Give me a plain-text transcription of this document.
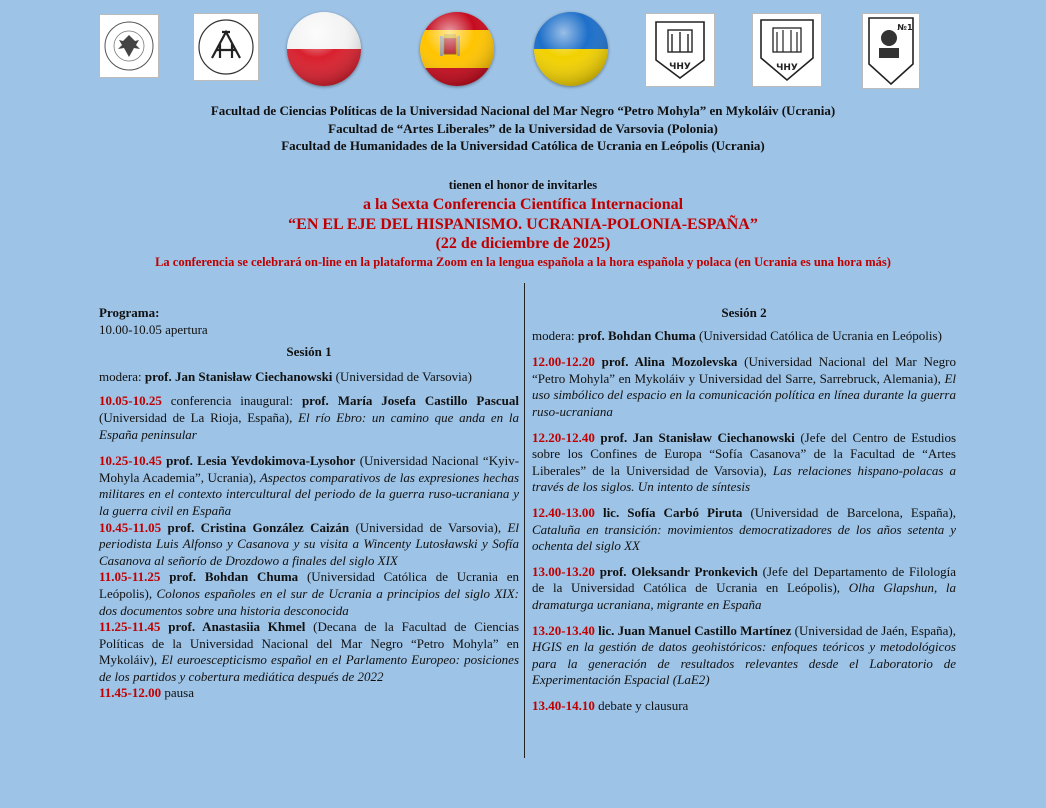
ЧНУ	ЧНУ
№1
Facultad de Ciencias Políticas de la Universidad Nacional del Mar Negro “Petro Mohyla” en Mykoláiv (Ucrania)
Facultad de “Artes Liberales” de la Universidad de Varsovia (Polonia)
Facultad de Humanidades de la Universidad Católica de Ucrania en Leópolis (Ucrania)
tienen el honor de invitarles
a la Sexta Conferencia Científica Internacional
“EN EL EJE DEL HISPANISMO. UCRANIA-POLONIA-ESPAÑA”
(22 de diciembre de 2025)
La conferencia se celebrará on-line en la plataforma Zoom en la lengua española a la hora española y polaca (en Ucrania es una hora más)
Programa:
10.00-10.05 apertura
Sesión 1
modera: prof. Jan Stanisław Ciechanowski (Universidad de Varsovia)
10.05-10.25 conferencia inaugural: prof. María Josefa Castillo Pascual (Universidad de La Rioja, España), El río Ebro: un camino que anda en la España peninsular
10.25-10.45 prof. Lesia Yevdokimova-Lysohor (Universidad Nacional “Kyiv-Mohyla Academia”, Ucrania), Aspectos comparativos de las expresiones hechas militares en el contexto intercultural del periodo de la guerra ruso-ucraniana y la guerra civil en España
10.45-11.05 prof. Cristina González Caizán (Universidad de Varsovia), El periodista Luis Alfonso y Casanova y su visita a Wincenty Lutosławski y Sofía Casanova al señorío de Drozdowo a finales del siglo XIX
11.05-11.25 prof. Bohdan Chuma (Universidad Católica de Ucrania en Leópolis), Colonos españoles en el sur de Ucrania a principios del siglo XIX: dos documentos sobre una historia desconocida
11.25-11.45 prof. Anastasiia Khmel (Decana de la Facultad de Ciencias Políticas de la Universidad Nacional del Mar Negro “Petro Mohyla” en Mykoláiv), El euroescepticismo español en el Parlamento Europeo: posiciones de los partidos y cobertura mediática después de 2022
11.45-12.00 pausa
Sesión 2
modera: prof. Bohdan Chuma (Universidad Católica de Ucrania en Leópolis)
12.00-12.20 prof. Alina Mozolevska (Universidad Nacional del Mar Negro “Petro Mohyla” en Mykoláiv y Universidad del Sarre, Sarrebruck, Alemania), El uso simbólico del espacio en la comunicación política en línea durante la guerra ruso-ucraniana
12.20-12.40 prof. Jan Stanisław Ciechanowski (Jefe del Centro de Estudios sobre los Confines de Europa “Sofía Casanova” de la Facultad de “Artes Liberales” de la Universidad de Varsovia), Las relaciones hispano-polacas a través de los siglos. Un intento de síntesis
12.40-13.00 lic. Sofía Carbó Piruta (Universidad de Barcelona, España), Cataluña en transición: movimientos democratizadores de los años setenta y ochenta del siglo XX
13.00-13.20 prof. Oleksandr Pronkevich (Jefe del Departamento de Filología de la Universidad Católica de Ucrania en Leópolis), Olha Glapshun, la dramaturga ucraniana, migrante en España
13.20-13.40 lic. Juan Manuel Castillo Martínez (Universidad de Jaén, España), HGIS en la gestión de datos geohistóricos: enfoques teóricos y metodológicos para la generación de resultados relevantes desde el Laboratorio de Experimentación Espacial (LaE2)
13.40-14.10 debate y clausura
